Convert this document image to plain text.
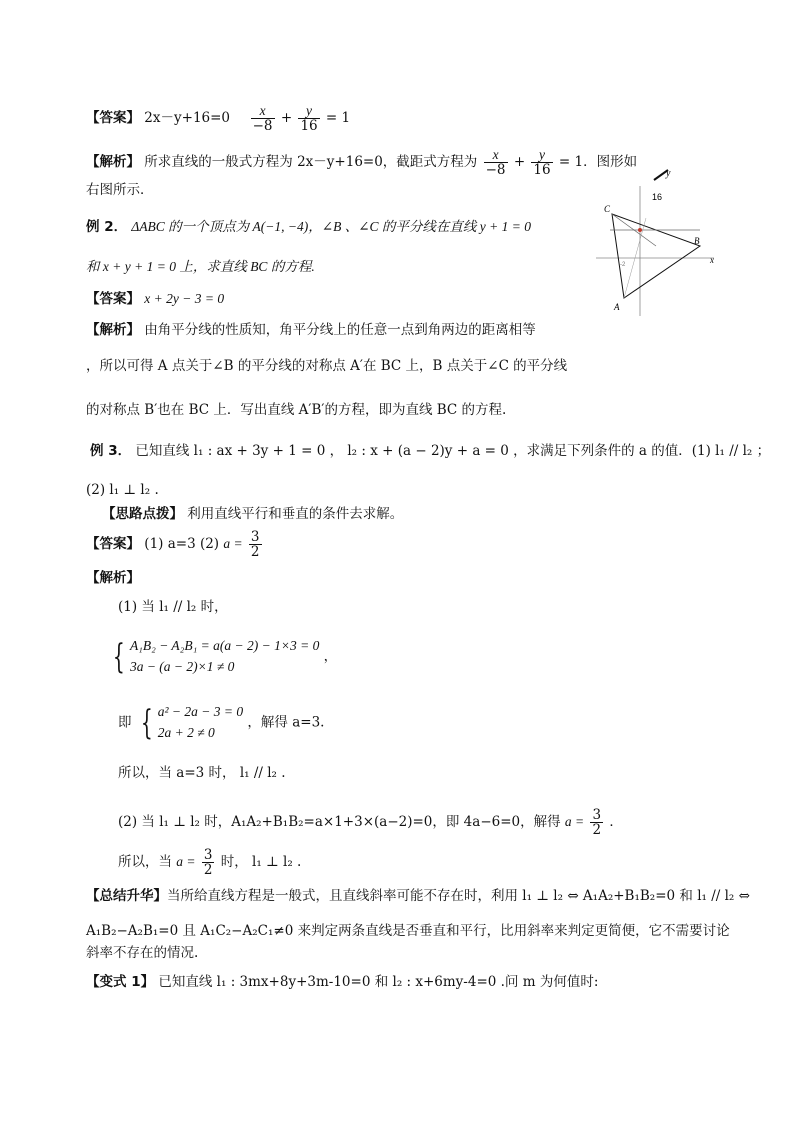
【答案】 $2x-y+16=0 \frac{x}{-8} + \frac{y}{16} = 1$
【解析】 所求直线的一般式方程为 2x－y+16=0，截距式方程为 $\frac{x}{-8} + \frac{y}{16} = 1$．图形如
右图所示．
y
16
x
-2
C
B
A
例 2． ΔABC 的一个顶点为 A(−1, −4)，∠B 、∠C 的平分线在直线 y + 1 = 0
和 x + y + 1 = 0 上，求直线 BC 的方程.
【答案】 x + 2y − 3 = 0
【解析】 由角平分线的性质知，角平分线上的任意一点到角两边的距离相等
，所以可得 A 点关于∠B 的平分线的对称点 A′在 BC 上，B 点关于∠C 的平分线
的对称点 B′也在 BC 上．写出直线 A′B′的方程，即为直线 BC 的方程.
例 3． 已知直线 l₁ : ax + 3y + 1 = 0 ， l₂ : x + (a − 2)y + a = 0 ，求满足下列条件的 a 的值．(1) l₁ // l₂ ；
(2) l₁ ⊥ l₂ .
【思路点拨】 利用直线平行和垂直的条件去求解。
【答案】 (1) a=3 (2) $a = \frac{3}{2}$
【解析】
(1) 当 l₁ // l₂ 时，
{ A₁B₂ − A₂B₁ = a(a − 2) − 1×3 = 0
3a − (a − 2)×1 ≠ 0
，
即 { a² − 2a − 3 = 0
2a + 2 ≠ 0
，解得 a=3.
所以，当 a=3 时， l₁ // l₂ .
(2) 当 l₁ ⊥ l₂ 时，A₁A₂+B₁B₂=a×1+3×(a−2)=0，即 4a−6=0，解得 $a = \frac{3}{2}$ ．
所以，当 $a = \frac{3}{2}$ 时， l₁ ⊥ l₂ .
【总结升华】当所给直线方程是一般式，且直线斜率可能不存在时，利用 l₁ ⊥ l₂ ⇔ A₁A₂+B₁B₂=0 和 l₁ // l₂ ⇔
A₁B₂−A₂B₁=0 且 A₁C₂−A₂C₁≠0 来判定两条直线是否垂直和平行，比用斜率来判定更简便，它不需要讨论
斜率不存在的情况.
【变式 1】 已知直线 l₁ : 3mx+8y+3m-10=0 和 l₂ : x+6my-4=0 .问 m 为何值时:
